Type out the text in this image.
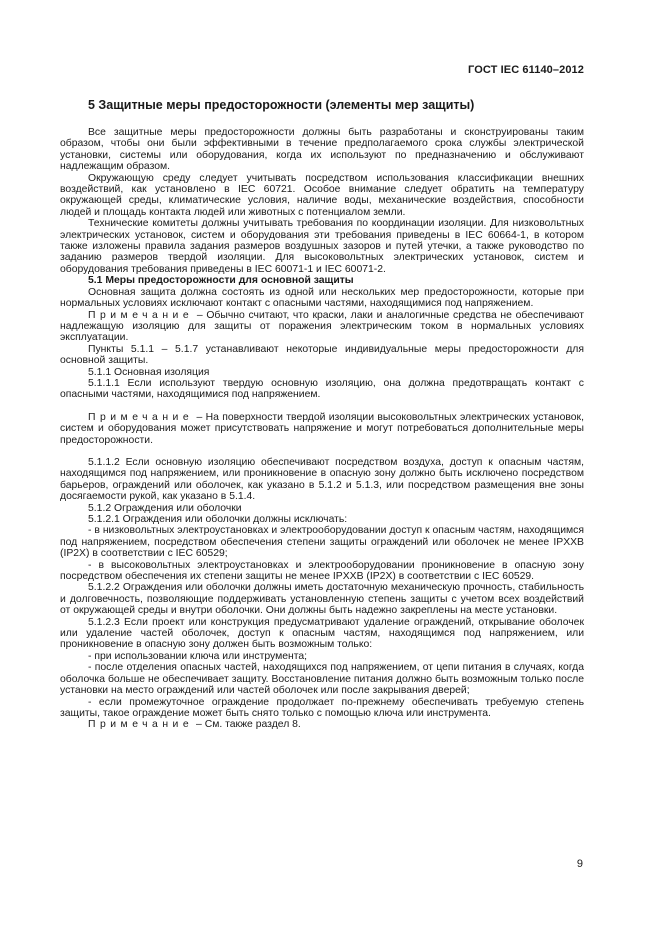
ГОСТ IEC 61140–2012
5 Защитные меры предосторожности (элементы мер защиты)

Все защитные меры предосторожности должны быть разработаны и сконструированы таким образом, чтобы они были эффективными в течение предполагаемого срока службы электрической установки, системы или оборудования, когда их используют по предназначению и обслуживают надлежащим образом.

Окружающую среду следует учитывать посредством использования классификации внешних воздействий, как установлено в IEC 60721. Особое внимание следует обратить на температуру окружающей среды, климатические условия, наличие воды, механические воздействия, способности людей и площадь контакта людей или животных с потенциалом земли.

Технические комитеты должны учитывать требования по координации изоляции. Для низковольтных электрических установок, систем и оборудования эти требования приведены в IEC 60664-1, в котором также изложены правила задания размеров воздушных зазоров и путей утечки, а также руководство по заданию размеров твердой изоляции. Для высоковольтных электрических установок, систем и оборудования требования приведены в IEC 60071-1 и IEC 60071-2.

5.1 Меры предосторожности для основной защиты

Основная защита должна состоять из одной или нескольких мер предосторожности, которые при нормальных условиях исключают контакт с опасными частями, находящимися под напряжением.

Примечание – Обычно считают, что краски, лаки и аналогичные средства не обеспечивают надлежащую изоляцию для защиты от поражения электрическим током в нормальных условиях эксплуатации.

Пункты 5.1.1 – 5.1.7 устанавливают некоторые индивидуальные меры предосторожности для основной защиты.

5.1.1 Основная изоляция

5.1.1.1 Если используют твердую основную изоляцию, она должна предотвращать контакт с опасными частями, находящимися под напряжением.

Примечание – На поверхности твердой изоляции высоковольтных электрических установок, систем и оборудования может присутствовать напряжение и могут потребоваться дополнительные меры предосторожности.

5.1.1.2 Если основную изоляцию обеспечивают посредством воздуха, доступ к опасным частям, находящимся под напряжением, или проникновение в опасную зону должно быть исключено посредством барьеров, ограждений или оболочек, как указано в 5.1.2 и 5.1.3, или посредством размещения вне зоны досягаемости рукой, как указано в 5.1.4.

5.1.2 Ограждения или оболочки

5.1.2.1 Ограждения или оболочки должны исключать:

- в низковольтных электроустановках и электрооборудовании доступ к опасным частям, находящимся под напряжением, посредством обеспечения степени защиты ограждений или оболочек не менее IPXXB (IP2X) в соответствии с IEC 60529;

- в высоковольтных электроустановках и электрооборудовании проникновение в опасную зону посредством обеспечения их степени защиты не менее IPXXB (IP2X) в соответствии с IEC 60529.

5.1.2.2 Ограждения или оболочки должны иметь достаточную механическую прочность, стабильность и долговечность, позволяющие поддерживать установленную степень защиты с учетом всех воздействий от окружающей среды и внутри оболочки. Они должны быть надежно закреплены на месте установки.

5.1.2.3 Если проект или конструкция предусматривают удаление ограждений, открывание оболочек или удаление частей оболочек, доступ к опасным частям, находящимся под напряжением, или проникновение в опасную зону должен быть возможным только:

- при использовании ключа или инструмента;

- после отделения опасных частей, находящихся под напряжением, от цепи питания в случаях, когда оболочка больше не обеспечивает защиту. Восстановление питания должно быть возможным только после установки на место ограждений или частей оболочек или после закрывания дверей;

- если промежуточное ограждение продолжает по-прежнему обеспечивать требуемую степень защиты, такое ограждение может быть снято только с помощью ключа или инструмента.

Примечание – См. также раздел 8.

9
